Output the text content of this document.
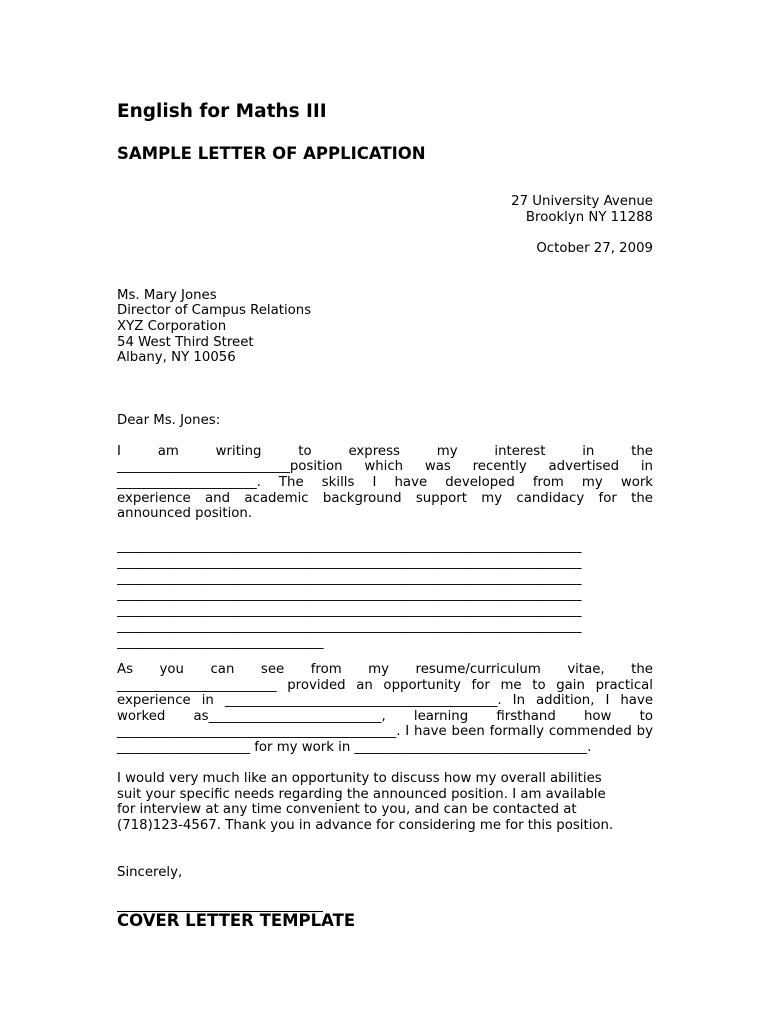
English for Maths III
SAMPLE LETTER OF APPLICATION
27 University Avenue
Brooklyn NY 11288
October 27, 2009
Ms. Mary Jones
Director of Campus Relations
XYZ Corporation
54 West Third Street
Albany, NY 10056
Dear Ms. Jones:
I am writing to express my interest in the
__________________________position which was recently advertised in
_____________________. The skills I have developed from my work
experience and academic background support my candidacy for the
announced position.
________________________________________________________________________
________________________________________________________________________
________________________________________________________________________
________________________________________________________________________
________________________________________________________________________
________________________________________________________________________
________________________________
As you can see from my resume/curriculum vitae, the
________________________ provided an opportunity for me to gain practical
experience in _________________________________________. In addition, I have
worked as__________________________, learning firsthand how to
__________________________________________. I have been formally commended by
____________________ for my work in ___________________________________.
I would very much like an opportunity to discuss how my overall abilities
suit your specific needs regarding the announced position. I am available
for interview at any time convenient to you, and can be contacted at
(718)123-4567. Thank you in advance for considering me for this position.
Sincerely,
COVER LETTER TEMPLATE
